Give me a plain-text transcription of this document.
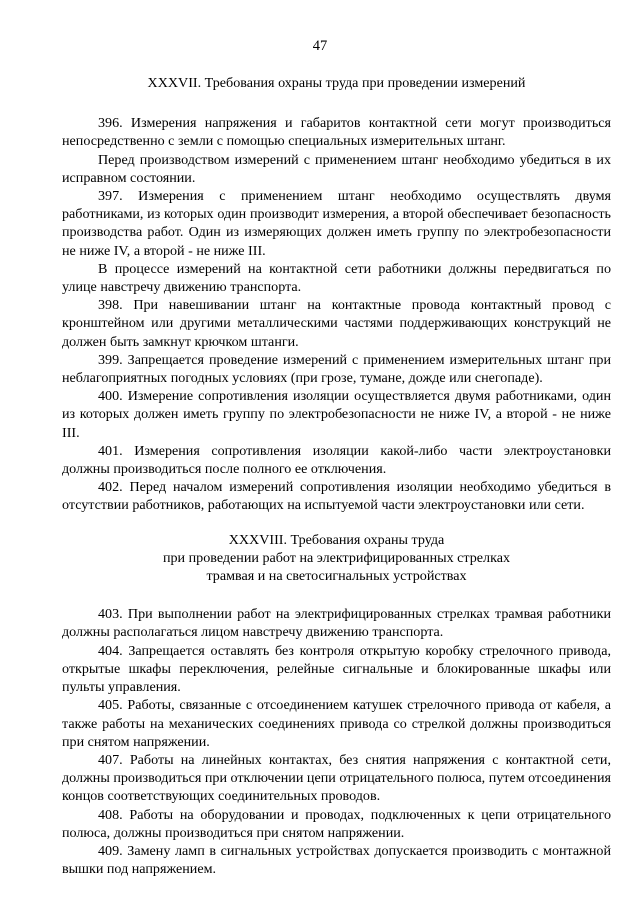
47
XXXVII. Требования охраны труда при проведении измерений

396. Измерения напряжения и габаритов контактной сети могут производиться непосредственно с земли с помощью специальных измерительных штанг.

Перед производством измерений с применением штанг необходимо убедиться в их исправном состоянии.

397. Измерения с применением штанг необходимо осуществлять двумя работниками, из которых один производит измерения, а второй обеспечивает безопасность производства работ. Один из измеряющих должен иметь группу по электробезопасности не ниже IV, а второй - не ниже III.

В процессе измерений на контактной сети работники должны передвигаться по улице навстречу движению транспорта.

398. При навешивании штанг на контактные провода контактный провод с кронштейном или другими металлическими частями поддерживающих конструкций не должен быть замкнут крючком штанги.

399. Запрещается проведение измерений с применением измерительных штанг при неблагоприятных погодных условиях (при грозе, тумане, дожде или снегопаде).

400. Измерение сопротивления изоляции осуществляется двумя работниками, один из которых должен иметь группу по электробезопасности не ниже IV, а второй - не ниже III.

401. Измерения сопротивления изоляции какой-либо части электроустановки должны производиться после полного ее отключения.

402. Перед началом измерений сопротивления изоляции необходимо убедиться в отсутствии работников, работающих на испытуемой части электроустановки или сети.

XXXVIII. Требования охраны труда
при проведении работ на электрифицированных стрелках
трамвая и на светосигнальных устройствах

403. При выполнении работ на электрифицированных стрелках трамвая работники должны располагаться лицом навстречу движению транспорта.

404. Запрещается оставлять без контроля открытую коробку стрелочного привода, открытые шкафы переключения, релейные сигнальные и блокированные шкафы или пульты управления.

405. Работы, связанные с отсоединением катушек стрелочного привода от кабеля, а также работы на механических соединениях привода со стрелкой должны производиться при снятом напряжении.

407. Работы на линейных контактах, без снятия напряжения с контактной сети, должны производиться при отключении цепи отрицательного полюса, путем отсоединения концов соответствующих соединительных проводов.

408. Работы на оборудовании и проводах, подключенных к цепи отрицательного полюса, должны производиться при снятом напряжении.

409. Замену ламп в сигнальных устройствах допускается производить с монтажной вышки под напряжением.
